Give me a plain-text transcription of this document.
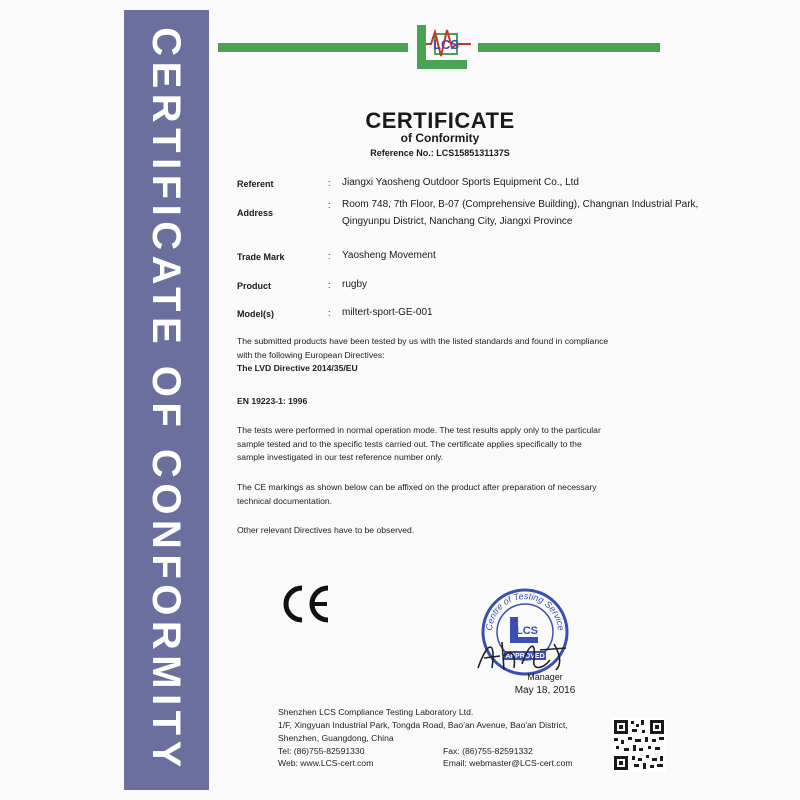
CERTIFICATE OF CONFORMITY	LCS
CERTIFICATE
of Conformity
Reference No.: LCS1585131137S
Referent	: Jiangxi Yaosheng Outdoor Sports Equipment Co., Ltd
Address
: Room 748, 7th Floor, B-07 (Comprehensive Building), Changnan Industrial Park,
Qingyunpu District, Nanchang City, Jiangxi Province
Trade Mark	: Yaosheng Movement
Product	: rugby
Model(s)	: miltert-sport-GE-001
The submitted products have been tested by us with the listed standards and found in compliance
with the following European Directives:
The LVD Directive 2014/35/EU
EN 19223-1: 1996
The tests were performed in normal operation mode. The test results apply only to the particular
sample tested and to the specific tests carried out. The certificate applies specifically to the
sample investigated in our test reference number only.
The CE markings as shown below can be affixed on the product after preparation of necessary
technical documentation.
Other relevant Directives have to be observed.
CE
Centre of Testing Service
LCS
APPROVED
Aho Fe
Manager
May 18, 2016
Shenzhen LCS Compliance Testing Laboratory Ltd.
1/F, Xingyuan Industrial Park, Tongda Road, Bao'an Avenue, Bao'an District,
Shenzhen, Guangdong, China
Tel: (86)755-82591330	Fax: (86)755-82591332
Web: www.LCS-cert.com	Email: webmaster@LCS-cert.com
